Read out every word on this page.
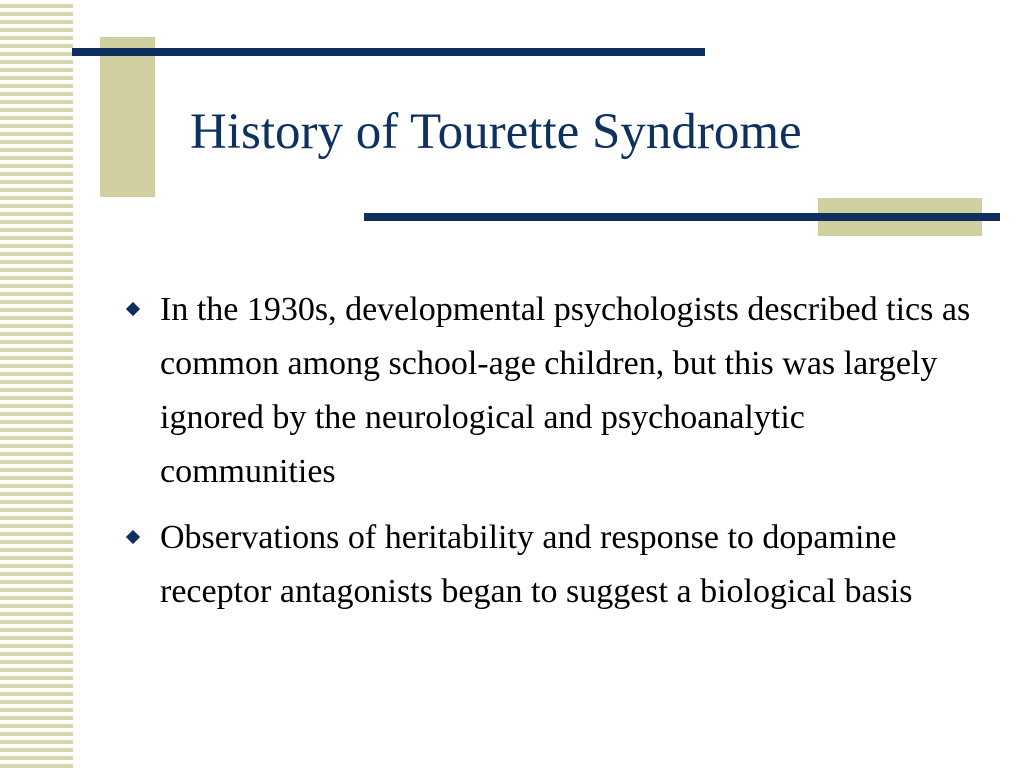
History of Tourette Syndrome
In the 1930s, developmental psychologists described tics as common among school-age children, but this was largely ignored by the neurological and psychoanalytic communities
Observations of heritability and response to dopamine receptor antagonists began to suggest a biological basis
